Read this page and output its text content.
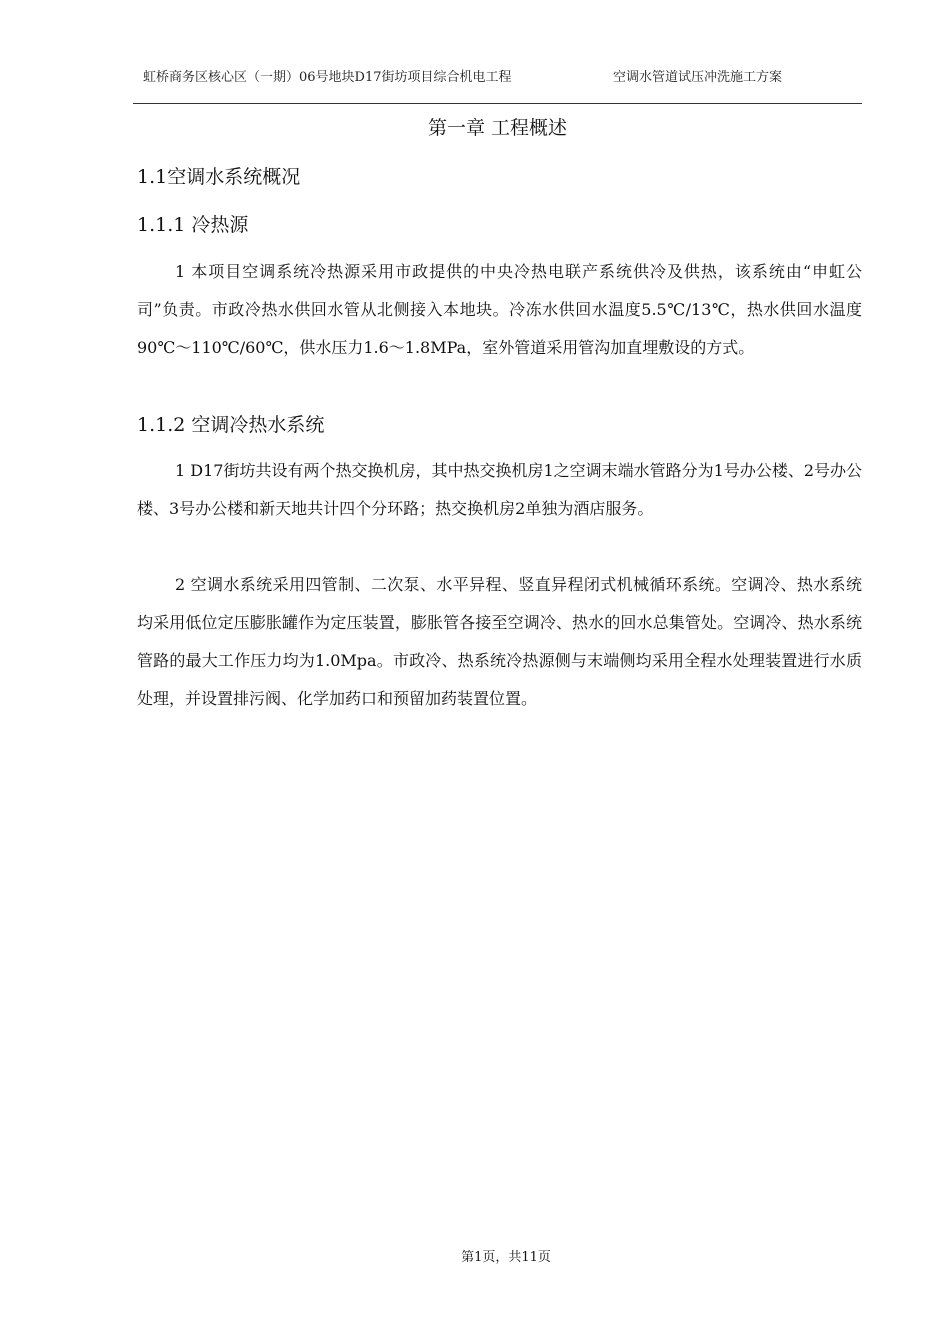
虹桥商务区核心区（一期）06号地块D17街坊项目综合机电工程	空调水管道试压冲洗施工方案
第一章 工程概述
1.1空调水系统概况
1.1.1 冷热源

1 本项目空调系统冷热源采用市政提供的中央冷热电联产系统供冷及供热，该系统由“申虹公司”负责。市政冷热水供回水管从北侧接入本地块。冷冻水供回水温度5.5℃/13℃，热水供回水温度90℃～110℃/60℃，供水压力1.6～1.8MPa，室外管道采用管沟加直埋敷设的方式。

1.1.2 空调冷热水系统

1 D17街坊共设有两个热交换机房，其中热交换机房1之空调末端水管路分为1号办公楼、2号办公楼、3号办公楼和新天地共计四个分环路；热交换机房2单独为酒店服务。

2 空调水系统采用四管制、二次泵、水平异程、竖直异程闭式机械循环系统。空调冷、热水系统均采用低位定压膨胀罐作为定压装置，膨胀管各接至空调冷、热水的回水总集管处。空调冷、热水系统管路的最大工作压力均为1.0Mpa。市政冷、热系统冷热源侧与末端侧均采用全程水处理装置进行水质处理，并设置排污阀、化学加药口和预留加药装置位置。

第1页，共11页
